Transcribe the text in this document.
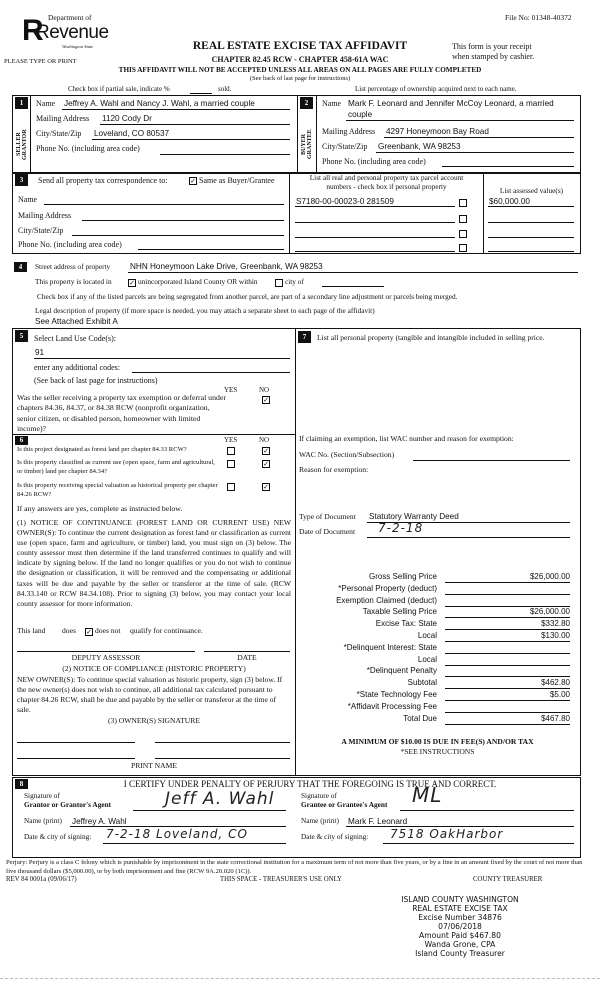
File No: 01348-40372
R
Revenue
Department of
Washington State
PLEASE TYPE OR PRINT
REAL ESTATE EXCISE TAX AFFIDAVIT
CHAPTER 82.45 RCW - CHAPTER 458-61A WAC
This form is your receipt
when stamped by cashier.
THIS AFFIDAVIT WILL NOT BE ACCEPTED UNLESS ALL AREAS ON ALL PAGES ARE FULLY COMPLETED
(See back of last page for instructions)
Check box if partial sale, indicate %	sold.	List percentage of ownership acquired next to each name.
1
SELLER GRANTOR
Name Jeffrey A. Wahl and Nancy J. Wahl, a married couple
Mailing Address 1120 Cody Dr
City/State/Zip Loveland, CO 80537
Phone No. (including area code)
2
BUYER GRANTEE
Name Mark F. Leonard and Jennifer McCoy Leonard, a married
couple
Mailing Address 4297 Honeymoon Bay Road
City/State/Zip Greenbank, WA 98253
Phone No. (including area code)
3	Send all property tax correspondence to: ✓	Same as Buyer/Grantee
Name
Mailing Address
City/State/Zip
Phone No. (including area code)
List all real and personal property tax parcel account
numbers - check box if personal property	List assessed value(s)
S7180-00-00023-0 281509	$60,000.00
4	Street address of property NHN Honeymoon Lake Drive, Greenbank, WA 98253
This property is located in ✓	unincorporated Island County OR within	city of
Check box if any of the listed parcels are being segregated from another parcel, are part of a secondary line adjustment or parcels being merged.
Legal description of property (if more space is needed, you may attach a separate sheet to each page of the affidavit)
See Attached Exhibit A
5	Select Land Use Code(s):
91
enter any additional codes:
(See back of last page for instructions)
YES	NO
Was the seller receiving a property tax exemption or deferral under chapters 84.36, 84.37, or 84.38 RCW (nonprofit organization, senior citizen, or disabled person, homeowner with limited income)?
✓
6	YES	NO
Is this project designated as forest land per chapter 84.33 RCW?
✓
Is this property classified as current use (open space, farm and agricultural, or timber) land per chapter 84.34?
✓
Is this property receiving special valuation as historical property per chapter 84.26 RCW?
✓
If any answers are yes, complete as instructed below.
(1) NOTICE OF CONTINUANCE (FOREST LAND OR CURRENT USE) NEW OWNER(S): To continue the current designation as forest land or classification as current use (open space, farm and agriculture, or timber) land, you must sign on (3) below. The county assessor must then determine if the land transferred continues to qualify and will indicate by signing below. If the land no longer qualifies or you do not wish to continue the designation or classification, it will be removed and the compensating or additional taxes will be due and payable by the seller or transferor at the time of sale. (RCW 84.33.140 or RCW 84.34.108). Prior to signing (3) below, you may contact your local county assessor for more information.
This land does ✓	does not qualify for continuance.
DEPUTY ASSESSOR	DATE
(2) NOTICE OF COMPLIANCE (HISTORIC PROPERTY)
NEW OWNER(S): To continue special valuation as historic property, sign (3) below. If the new owner(s) does not wish to continue, all additional tax calculated pursuant to chapter 84.26 RCW, shall be due and payable by the seller or transferor at the time of sale.
(3) OWNER(S) SIGNATURE
PRINT NAME
7	List all personal property (tangible and intangible included in selling price.
If claiming an exemption, list WAC number and reason for exemption:
WAC No. (Section/Subsection)
Reason for exemption:
Type of Document Statutory Warranty Deed
Date of Document 7-2-18
Gross Selling Price	$26,000.00
*Personal Property (deduct)
Exemption Claimed (deduct)
Taxable Selling Price	$26,000.00
Excise Tax: State	$332.80
Local	$130.00
*Delinquent Interest: State
Local
*Delinquent Penalty
Subtotal	$462.80
*State Technology Fee	$5.00
*Affidavit Processing Fee
Total Due	$467.80
A MINIMUM OF $10.00 IS DUE IN FEE(S) AND/OR TAX
*SEE INSTRUCTIONS
8	I CERTIFY UNDER PENALTY OF PERJURY THAT THE FOREGOING IS TRUE AND CORRECT.
Signature of
Grantor or Grantor's Agent	Jeff A. Wahl
Name (print) Jeffrey A. Wahl
Date & city of signing: 7-2-18 Loveland, CO
Signature of
Grantee or Grantee's Agent ML
Name (print) Mark F. Leonard
Date & city of signing: 7518 OakHarbor
Perjury: Perjury is a class C felony which is punishable by imprisonment in the state correctional institution for a maximum term of not more than five years, or by a fine in an amount fixed by the court of not more than five thousand dollars ($5,000.00), or by both imprisonment and fine (RCW 9A.20.020 (1C)).
REV 84 0001a (09/06/17)	THIS SPACE - TREASURER'S USE ONLY	COUNTY TREASURER
ISLAND COUNTY WASHINGTON
REAL ESTATE EXCISE TAX
Excise Number 34876
07/06/2018
Amount Paid $467.80
Wanda Grone, CPA
Island County Treasurer
